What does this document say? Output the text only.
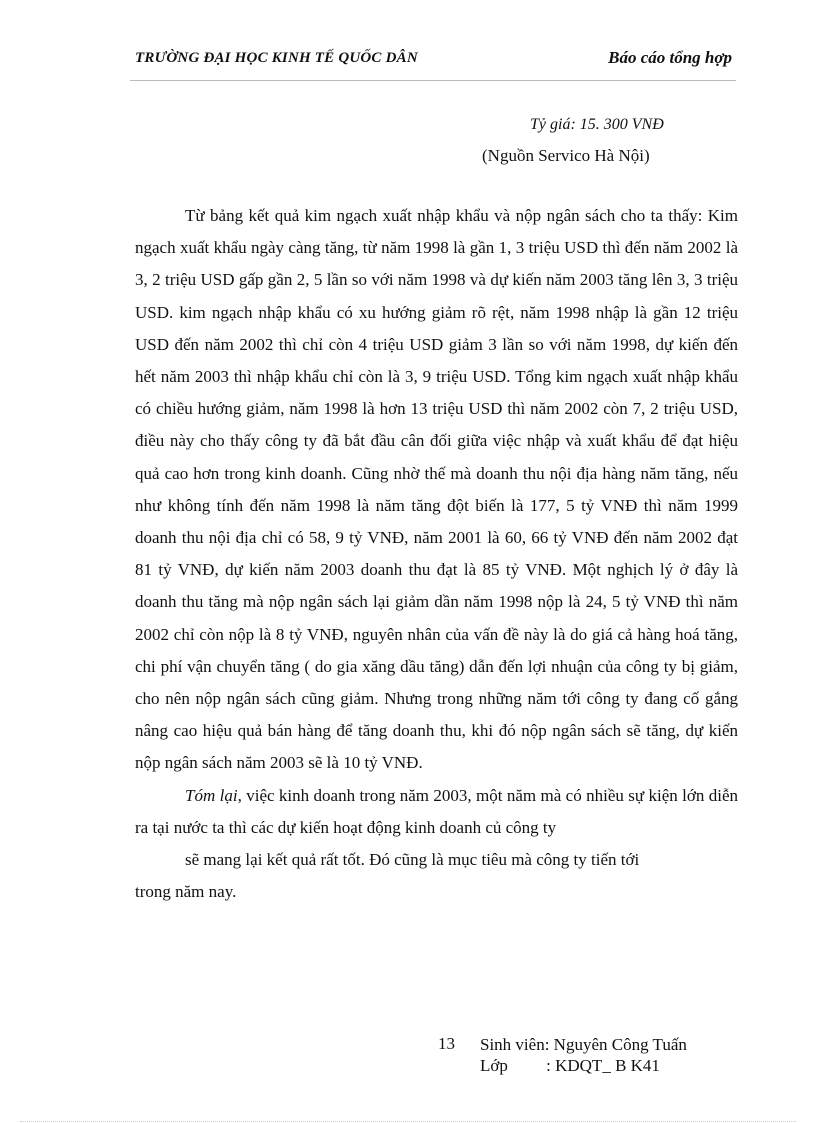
TRƯỜNG ĐẠI HỌC KINH TẾ QUỐC DÂN	Báo cáo tổng hợp
Tỷ giá: 15. 300 VNĐ
(Nguồn Servico Hà Nội)

Từ bảng kết quả kim ngạch xuất nhập khẩu và nộp ngân sách cho ta thấy: Kim ngạch xuất khẩu ngày càng tăng, từ năm 1998 là gần 1, 3 triệu USD thì đến năm 2002 là 3, 2 triệu USD gấp gần 2, 5 lần so với năm 1998 và dự kiến năm 2003 tăng lên 3, 3 triệu USD. kim ngạch nhập khẩu có xu hướng giảm rõ rệt, năm 1998 nhập là gần 12 triệu USD đến năm 2002 thì chỉ còn 4 triệu USD giảm 3 lần so với năm 1998, dự kiến đến hết năm 2003 thì nhập khẩu chỉ còn là 3, 9 triệu USD. Tổng kim ngạch xuất nhập khẩu có chiều hướng giảm, năm 1998 là hơn 13 triệu USD thì năm 2002 còn 7, 2 triệu USD, điều này cho thấy công ty đã bắt đầu cân đối giữa việc nhập và xuất khẩu để đạt hiệu quả cao hơn trong kinh doanh. Cũng nhờ thế mà doanh thu nội địa hàng năm tăng, nếu như không tính đến năm 1998 là năm tăng đột biến là 177, 5 tỷ VNĐ thì năm 1999 doanh thu nội địa chỉ có 58, 9 tỷ VNĐ, năm 2001 là 60, 66 tỷ VNĐ đến năm 2002 đạt 81 tỷ VNĐ, dự kiến năm 2003 doanh thu đạt là 85 tỷ VNĐ. Một nghịch lý ở đây là doanh thu tăng mà nộp ngân sách lại giảm dần năm 1998 nộp là 24, 5 tỷ VNĐ thì năm 2002 chỉ còn nộp là 8 tỷ VNĐ, nguyên nhân của vấn đề này là do giá cả hàng hoá tăng, chi phí vận chuyển tăng ( do gia xăng dầu tăng) dẫn đến lợi nhuận của công ty bị giảm, cho nên nộp ngân sách cũng giảm. Nhưng trong những năm tới công ty đang cố gắng nâng cao hiệu quả bán hàng để tăng doanh thu, khi đó nộp ngân sách sẽ tăng, dự kiến nộp ngân sách năm 2003 sẽ là 10 tỷ VNĐ.

Tóm lại, việc kinh doanh trong năm 2003, một năm mà có nhiều sự kiện lớn diễn ra tại nước ta thì các dự kiến hoạt động kinh doanh củ công ty

sẽ mang lại kết quả rất tốt. Đó cũng là mục tiêu mà công ty tiến tới

trong năm nay.

13 Sinh viên: Nguyên Công Tuấn
Lớp : KDQT_ B K41
